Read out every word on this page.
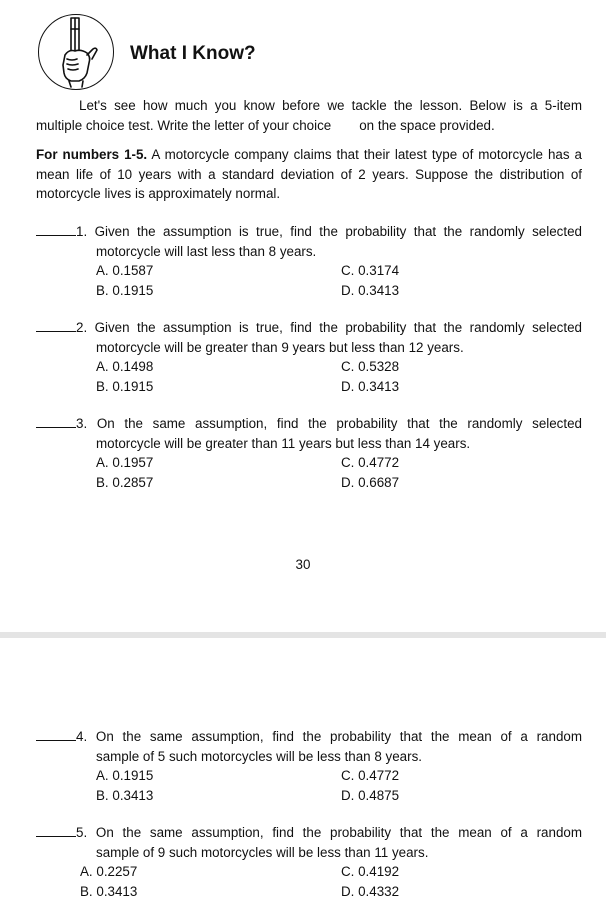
What I Know?
Let's see how much you know before we tackle the lesson. Below is a 5-item
multiple choice test. Write the letter of your choice on the space provided.
For numbers 1-5. A motorcycle company claims that their latest type of motorcycle has a mean life of 10 years with a standard deviation of 2 years. Suppose the distribution of motorcycle lives is approximately normal.
1. Given the assumption is true, find the probability that the randomly selected
motorcycle will last less than 8 years.
A. 0.1587	C. 0.3174
B. 0.1915	D. 0.3413
2. Given the assumption is true, find the probability that the randomly selected
motorcycle will be greater than 9 years but less than 12 years.
A. 0.1498	C. 0.5328
B. 0.1915	D. 0.3413
3. On the same assumption, find the probability that the randomly selected
motorcycle will be greater than 11 years but less than 14 years.
A. 0.1957	C. 0.4772
B. 0.2857	D. 0.6687
30
4. On the same assumption, find the probability that the mean of a random
sample of 5 such motorcycles will be less than 8 years.
A. 0.1915	C. 0.4772
B. 0.3413	D. 0.4875
5. On the same assumption, find the probability that the mean of a random
sample of 9 such motorcycles will be less than 11 years.
A. 0.2257	C. 0.4192
B. 0.3413	D. 0.4332
